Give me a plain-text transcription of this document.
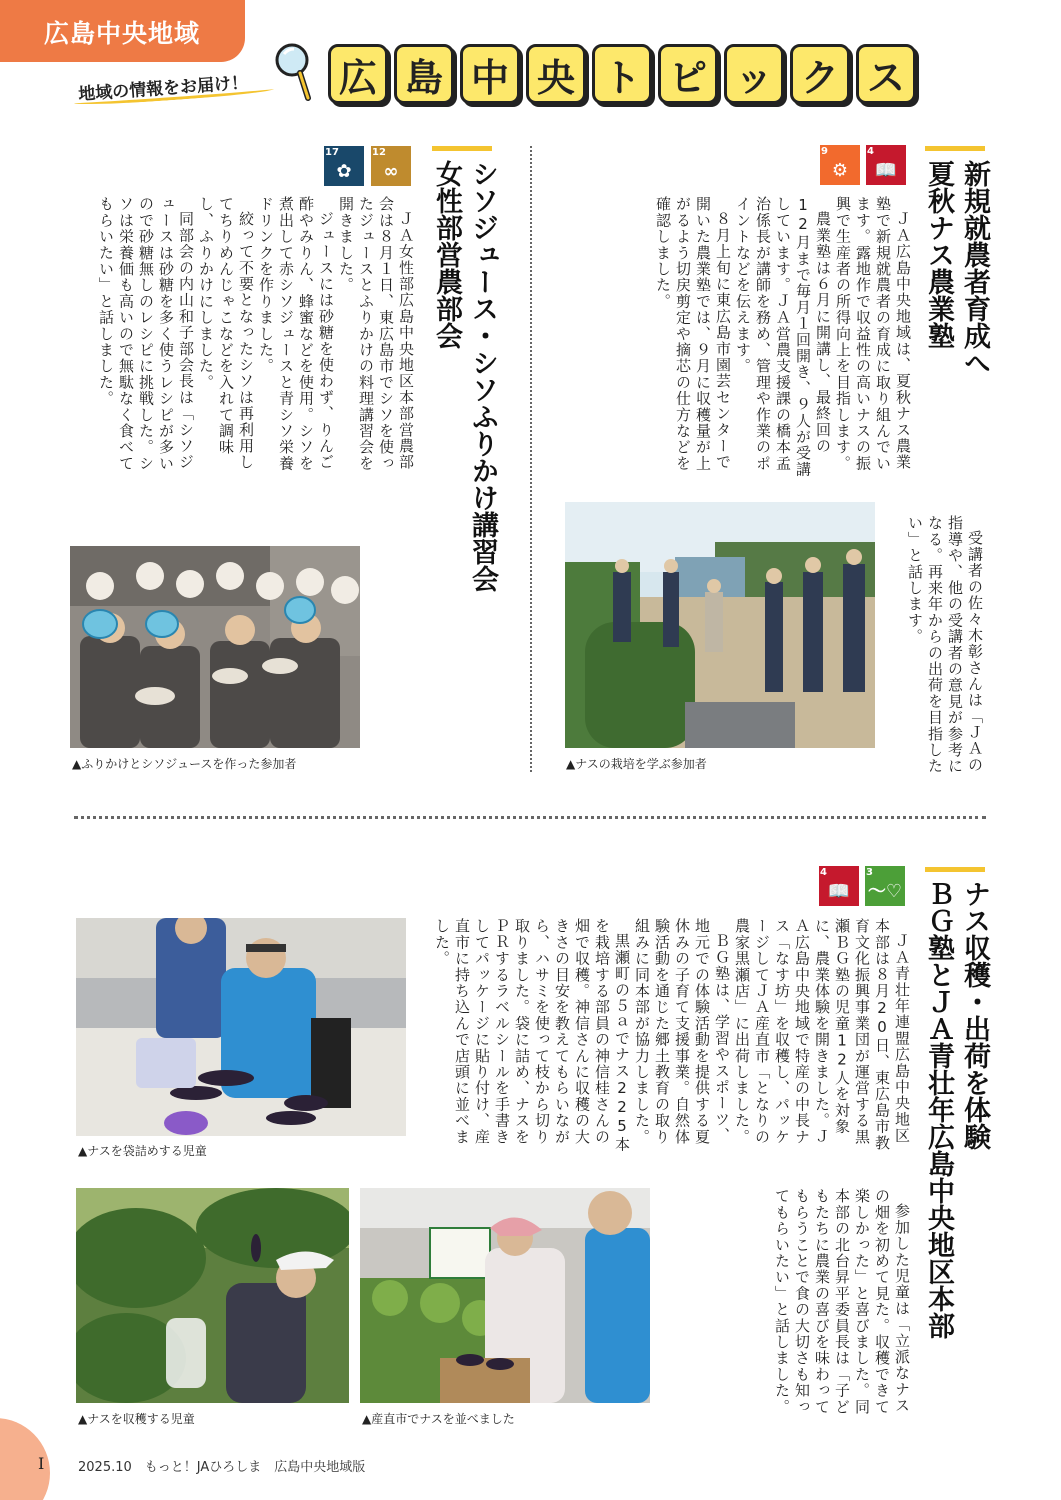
広島中央地域
地域の情報をお届け！ 広 島 中 央 ト ピ ッ ク ス
新規就農者育成へ
夏秋ナス農業塾
9
⚙
4
📖

ＪＡ広島中央地域は、夏秋ナス農業塾で新規就農者の育成に取り組んでいます。露地作で収益性の高いナスの振興で生産者の所得向上を目指します。

農業塾は６月に開講し、最終回の12月まで毎月１回開き、９人が受講しています。ＪＡ営農支援課の橋本孟治係長が講師を務め、管理や作業のポイントなどを伝えます。

８月上旬に東広島市園芸センターで開いた農業塾では、９月に収穫量が上がるよう切戻剪定や摘芯の仕方などを確認しました。

受講者の佐々木彰さんは「ＪＡの指導や、他の受講者の意見が参考になる。再来年からの出荷を目指したい」と話します。

▲ナスの栽培を学ぶ参加者
シソジュース・シソふりかけ講習会
女性部営農部会
17
✿
12
∞

ＪＡ女性部広島中央地区本部営農部会は８月１日、東広島市でシソを使ったジュースとふりかけの料理講習会を開きました。

ジュースには砂糖を使わず、りんご酢やみりん、蜂蜜などを使用。シソを煮出して赤シソジュースと青シソ栄養ドリンクを作りました。

絞って不要となったシソは再利用してちりめんじゃこなどを入れて調味し、ふりかけにしました。

同部会の内山和子部会長は「シソジュースは砂糖を多く使うレシピが多いので砂糖無しのレシピに挑戦した。シソは栄養価も高いので無駄なく食べてもらいたい」と話しました。

▲ふりかけとシソジュースを作った参加者
ナス収穫・出荷を体験
ＢＧ塾とＪＡ青壮年広島中央地区本部
4
📖
3
〜♡

ＪＡ青壮年連盟広島中央地区本部は８月20日、東広島市教育文化振興事業団が運営する黒瀬ＢＧ塾の児童12人を対象に、農業体験を開きました。ＪＡ広島中央地域で特産の中長ナス「なす坊」を収穫し、パッケージしてＪＡ産直市「となりの農家黒瀬店」に出荷しました。

ＢＧ塾は、学習やスポーツ、地元での体験活動を提供する夏休みの子育て支援事業。自然体験活動を通じた郷土教育の取り組みに同本部が協力しました。

黒瀬町の５ａでナス225本を栽培する部員の神信桂さんの畑で収穫。神信さんに収穫の大きさの目安を教えてもらいながら、ハサミを使って枝から切り取りました。袋に詰め、ナスをＰＲするラベルシールを手書きしてパッケージに貼り付け、産直市に持ち込んで店頭に並べました。

参加した児童は「立派なナスの畑を初めて見た。収穫できて楽しかった」と喜びました。同本部の北台昇平委員長は「子どもたちに農業の喜びを味わってもらうことで食の大切さも知ってもらいたい」と話しました。

▲ナスを袋詰めする児童
▲ナスを収穫する児童	▲産直市でナスを並べました
I	2025.10　もっと！JAひろしま　広島中央地域版
